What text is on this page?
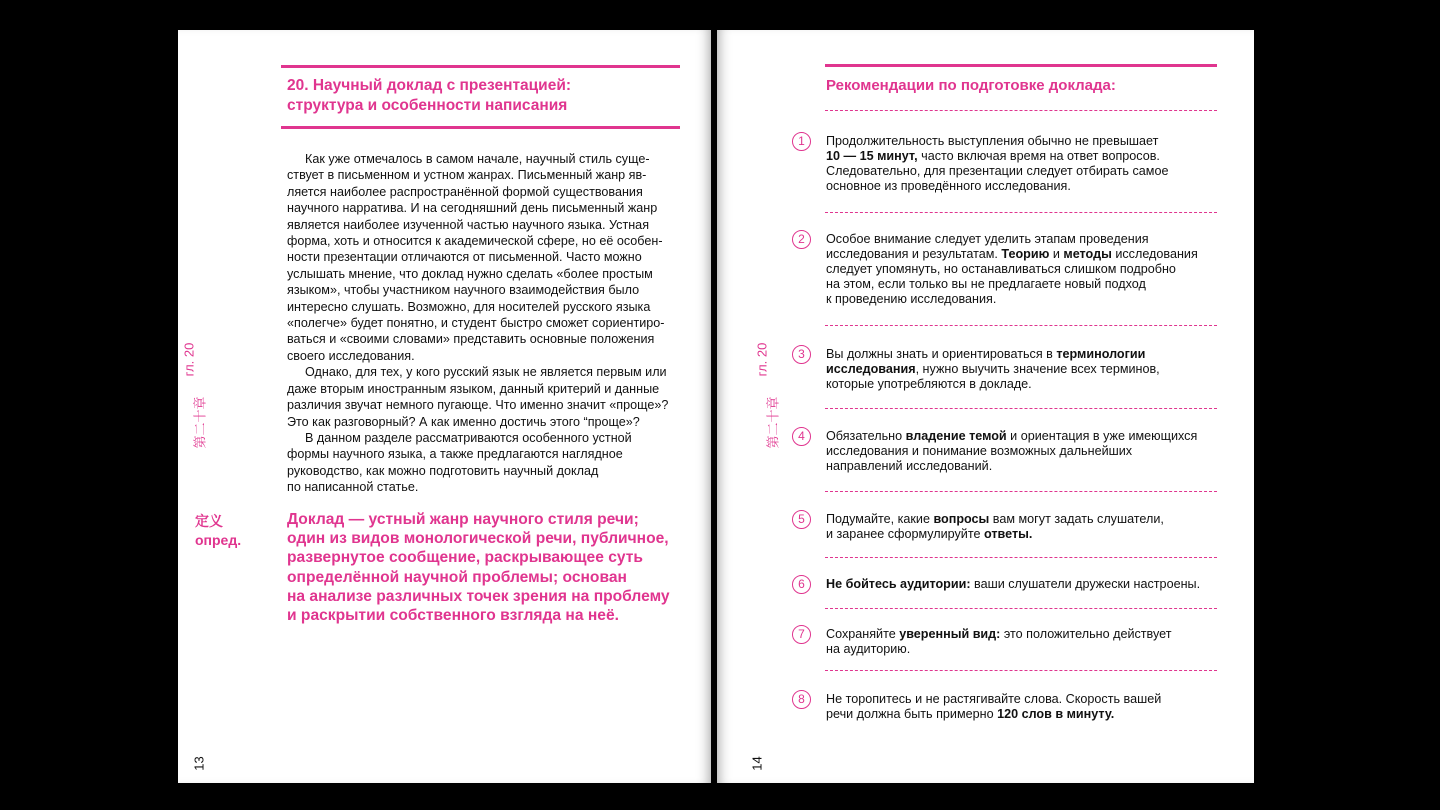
20. Научный доклад с презентацией:
структура и особенности написания
гл. 20
第二十章
Как уже отмечалось в самом начале, научный стиль суще-
ствует в письменном и устном жанрах. Письменный жанр яв-
ляется наиболее распространённой формой существования
научного нарратива. И на сегодняшний день письменный жанр
является наиболее изученной частью научного языка. Устная
форма, хоть и относится к академической сфере, но её особен-
ности презентации отличаются от письменной. Часто можно
услышать мнение, что доклад нужно сделать «более простым
языком», чтобы участником научного взаимодействия было
интересно слушать. Возможно, для носителей русского языка
«полегче» будет понятно, и студент быстро сможет сориентиро-
ваться и «своими словами» представить основные положения
своего исследования.
Однако, для тех, у кого русский язык не является первым или
даже вторым иностранным языком, данный критерий и данные
различия звучат немного пугающе. Что именно значит «проще»?
Это как разговорный? А как именно достичь этого “проще»?
В данном разделе рассматриваются особенного устной
формы научного языка, а также предлагаются наглядное
руководство, как можно подготовить научный доклад
по написанной статье.
定义
опред.
Доклад — устный жанр научного стиля речи;
один из видов монологической речи, публичное,
развернутое сообщение, раскрывающее суть
определённой научной проблемы; основан
на анализе различных точек зрения на проблему
и раскрытии собственного взгляда на неё.
13
Рекомендации по подготовке доклада:
гл. 20
第二十章
1	Продолжительность выступления обычно не превышает
10 — 15 минут, часто включая время на ответ вопросов.
Следовательно, для презентации следует отбирать самое
основное из проведённого исследования.
2	Особое внимание следует уделить этапам проведения
исследования и результатам. Теорию и методы исследования
следует упомянуть, но останавливаться слишком подробно
на этом, если только вы не предлагаете новый подход
к проведению исследования.
3	Вы должны знать и ориентироваться в терминологии
исследования, нужно выучить значение всех терминов,
которые употребляются в докладе.
4	Обязательно владение темой и ориентация в уже имеющихся
исследования и понимание возможных дальнейших
направлений исследований.
5	Подумайте, какие вопросы вам могут задать слушатели,
и заранее сформулируйте ответы.
6	Не бойтесь аудитории: ваши слушатели дружески настроены.
7	Сохраняйте уверенный вид: это положительно действует
на аудиторию.
8	Не торопитесь и не растягивайте слова. Скорость вашей
речи должна быть примерно 120 слов в минуту.
14
